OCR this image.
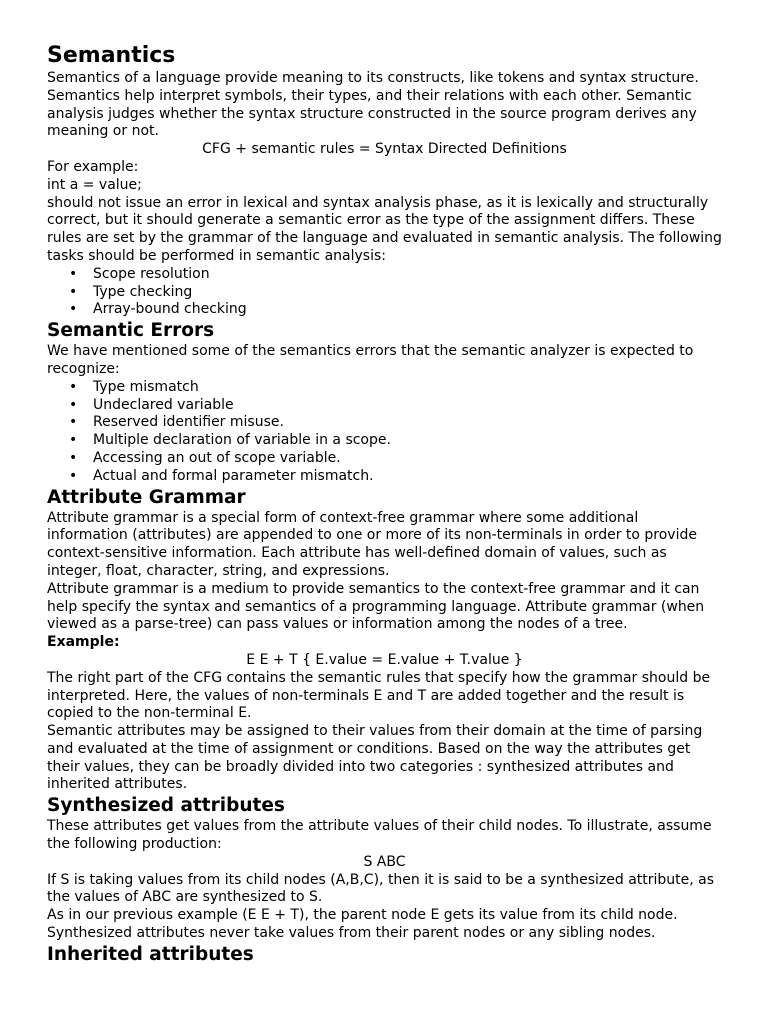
Semantics

Semantics of a language provide meaning to its constructs, like tokens and syntax structure. Semantics help interpret symbols, their types, and their relations with each other. Semantic analysis judges whether the syntax structure constructed in the source program derives any meaning or not.

CFG + semantic rules = Syntax Directed Definitions

For example:

int a = value;

should not issue an error in lexical and syntax analysis phase, as it is lexically and structurally correct, but it should generate a semantic error as the type of the assignment differs. These rules are set by the grammar of the language and evaluated in semantic analysis. The following tasks should be performed in semantic analysis:

• Scope resolution
• Type checking
• Array-bound checking
Semantic Errors

We have mentioned some of the semantics errors that the semantic analyzer is expected to recognize:

• Type mismatch
• Undeclared variable
• Reserved identifier misuse.
• Multiple declaration of variable in a scope.
• Accessing an out of scope variable.
• Actual and formal parameter mismatch.
Attribute Grammar

Attribute grammar is a special form of context-free grammar where some additional information (attributes) are appended to one or more of its non-terminals in order to provide context-sensitive information. Each attribute has well-defined domain of values, such as integer, float, character, string, and expressions.

Attribute grammar is a medium to provide semantics to the context-free grammar and it can help specify the syntax and semantics of a programming language. Attribute grammar (when viewed as a parse-tree) can pass values or information among the nodes of a tree.

Example:

E E + T { E.value = E.value + T.value }

The right part of the CFG contains the semantic rules that specify how the grammar should be interpreted. Here, the values of non-terminals E and T are added together and the result is copied to the non-terminal E.

Semantic attributes may be assigned to their values from their domain at the time of parsing and evaluated at the time of assignment or conditions. Based on the way the attributes get their values, they can be broadly divided into two categories : synthesized attributes and inherited attributes.

Synthesized attributes

These attributes get values from the attribute values of their child nodes. To illustrate, assume the following production:

S ABC

If S is taking values from its child nodes (A,B,C), then it is said to be a synthesized attribute, as the values of ABC are synthesized to S.

As in our previous example (E E + T), the parent node E gets its value from its child node. Synthesized attributes never take values from their parent nodes or any sibling nodes.

Inherited attributes
